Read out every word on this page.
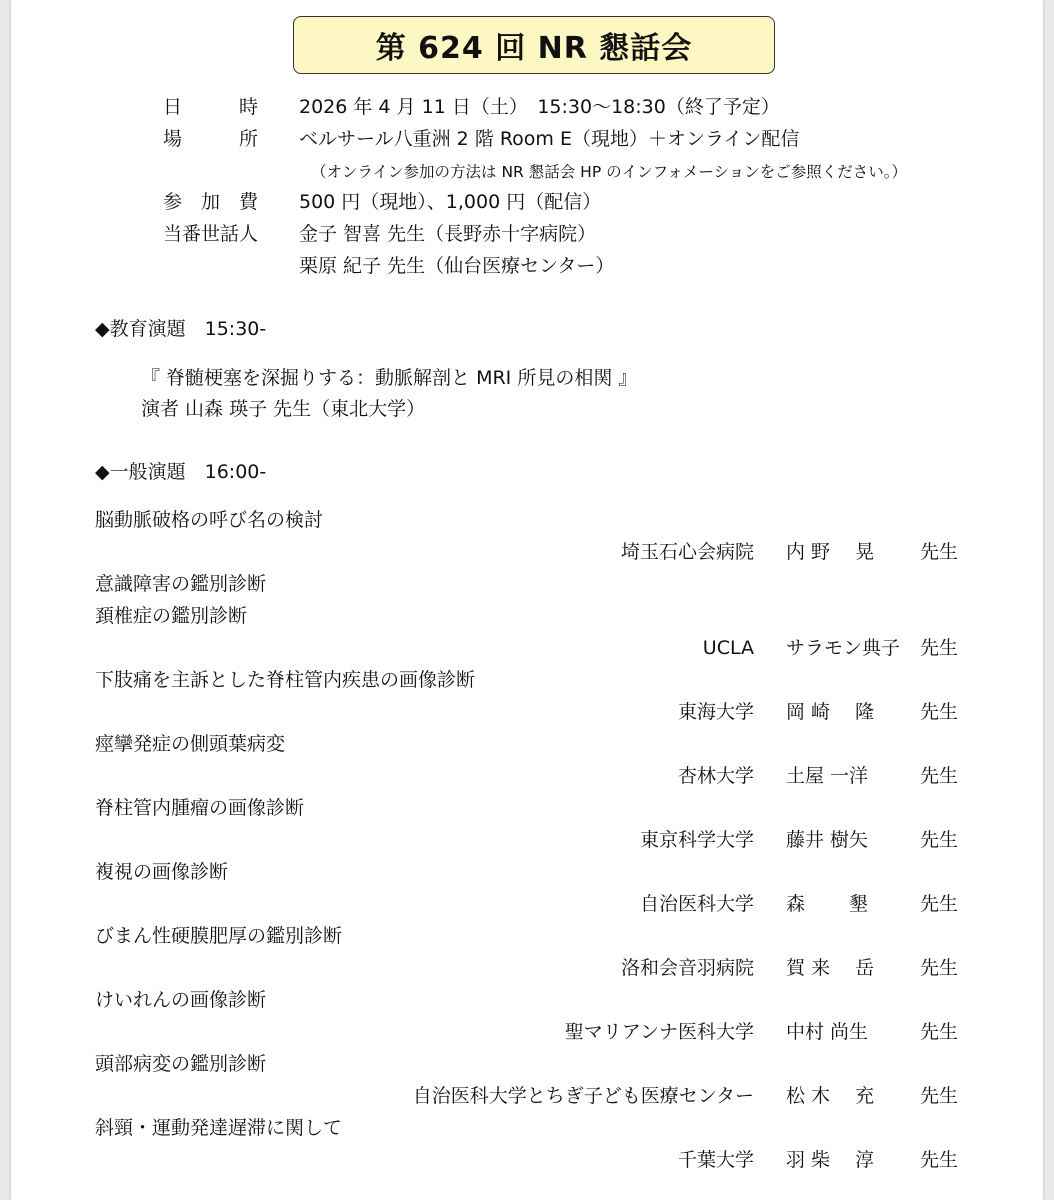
第 624 回 NR 懇話会
日　　　時 2026 年 4 月 11 日（土）　15:30～18:30（終了予定）
場　　　所 ベルサール八重洲 2 階 Room E（現地）＋オンライン配信
（オンライン参加の方法は NR 懇話会 HP のインフォメーションをご参照ください。）
参　加　費 500 円（現地）、1,000 円（配信）
当番世話人 金子 智喜 先生（長野赤十字病院）
栗原 紀子 先生（仙台医療センター）
◆教育演題　15:30-
『 脊髄梗塞を深掘りする：動脈解剖と MRI 所見の相関 』
演者 山森 瑛子 先生（東北大学）
◆一般演題　16:00-
脳動脈破格の呼び名の検討
埼玉石心会病院 内 野　 晃 先生
意識障害の鑑別診断
頚椎症の鑑別診断
UCLA サラモン典子 先生
下肢痛を主訴とした脊柱管内疾患の画像診断
東海大学 岡 崎　 隆 先生
痙攣発症の側頭葉病変
杏林大学 土屋 一洋	先生
脊柱管内腫瘤の画像診断
東京科学大学 藤井 樹矢	先生
複視の画像診断
自治医科大学 森　　 墾	先生
びまん性硬膜肥厚の鑑別診断
洛和会音羽病院 賀 来　 岳 先生
けいれんの画像診断
聖マリアンナ医科大学 中村 尚生	先生
頭部病変の鑑別診断
自治医科大学とちぎ子ども医療センター 松 木　 充 先生
斜頸・運動発達遅滞に関して
千葉大学 羽 柴　 淳 先生
